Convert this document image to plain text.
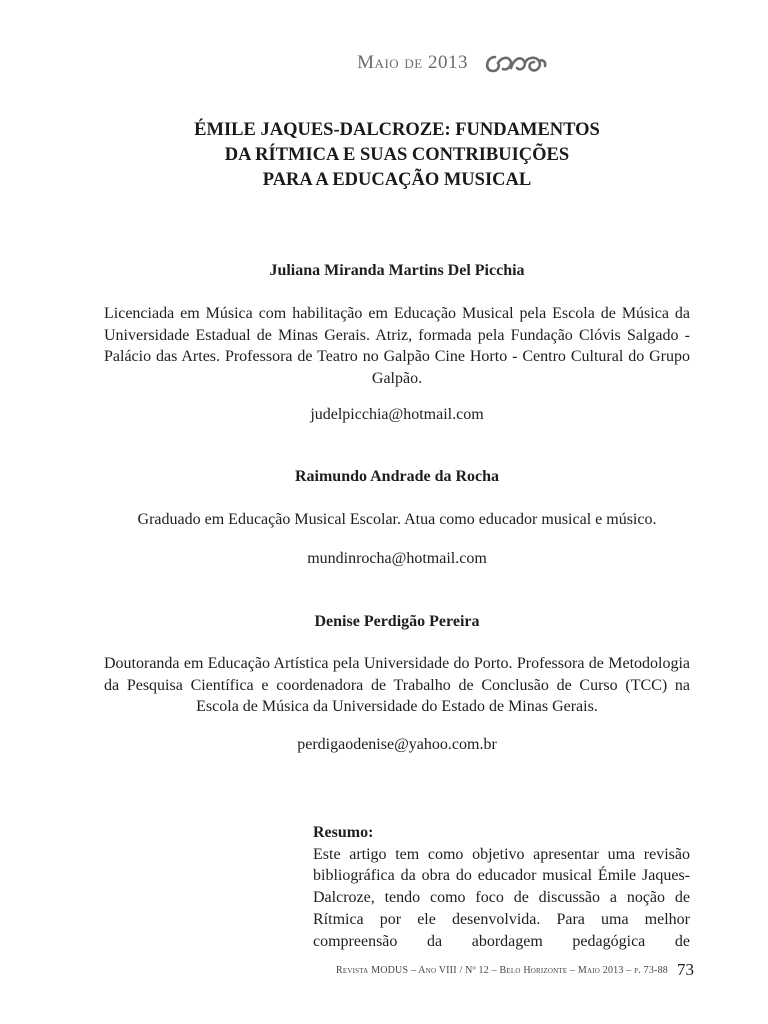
Maio de 2013
ÉMILE JAQUES-DALCROZE: FUNDAMENTOS
DA RÍTMICA E SUAS CONTRIBUIÇÕES
PARA A EDUCAÇÃO MUSICAL

Juliana Miranda Martins Del Picchia

Licenciada em Música com habilitação em Educação Musical pela Escola de Música da Universidade Estadual de Minas Gerais. Atriz, formada pela Fundação Clóvis Salgado - Palácio das Artes. Professora de Teatro no Galpão Cine Horto - Centro Cultural do Grupo Galpão.

judelpicchia@hotmail.com

Raimundo Andrade da Rocha

Graduado em Educação Musical Escolar. Atua como educador musical e músico.

mundinrocha@hotmail.com

Denise Perdigão Pereira

Doutoranda em Educação Artística pela Universidade do Porto. Professora de Metodologia da Pesquisa Científica e coordenadora de Trabalho de Conclusão de Curso (TCC) na Escola de Música da Universidade do Estado de Minas Gerais.

perdigaodenise@yahoo.com.br

Resumo:
Este artigo tem como objetivo apresentar uma revisão bibliográfica da obra do educador musical Émile Jaques-Dalcroze, tendo como foco de discussão a noção de Rítmica por ele desenvolvida. Para uma melhor compreensão da abordagem pedagógica de
Revista MODUS – Ano VIII / Nº 12 – Belo Horizonte – Maio 2013 – p. 73-88 73
